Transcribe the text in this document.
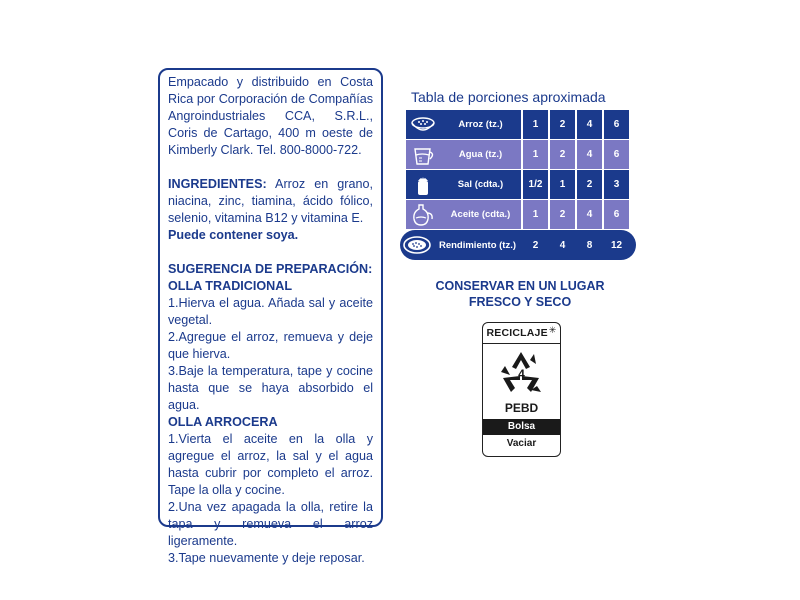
Empacado y distribuido en Costa Rica por Corporación de Compañías Angroindustriales CCA, S.R.L., Coris de Cartago, 400 m oeste de Kimberly Clark. Tel. 800-8000-722.

INGREDIENTES: Arroz en grano, niacina, zinc, tiamina, ácido fólico, selenio, vitamina B12 y vitamina E.

Puede contener soya.

SUGERENCIA DE PREPARACIÓN:

OLLA TRADICIONAL

1.Hierva el agua. Añada sal y aceite vegetal.

2.Agregue el arroz, remueva y deje que hierva.

3.Baje la temperatura, tape y cocine hasta que se haya absorbido el agua.

OLLA ARROCERA

1.Vierta el aceite en la olla y agregue el arroz, la sal y el agua hasta cubrir por completo el arroz. Tape la olla y cocine.

2.Una vez apagada la olla, retire la tapa y remueva el arroz ligeramente.

3.Tape nuevamente y deje reposar.

Tabla de porciones aproximada
Arroz (tz.)	1	2	4	6
Agua (tz.)	1	2	4	6
Sal (cdta.)	1/2	1	2	3
Aceite (cdta.)	1	2	4	6
Rendimiento (tz.)	2	4	8	12
CONSERVAR EN UN LUGAR
FRESCO Y SECO
RECICLAJE ✳
4
PEBD
Bolsa
Vaciar
